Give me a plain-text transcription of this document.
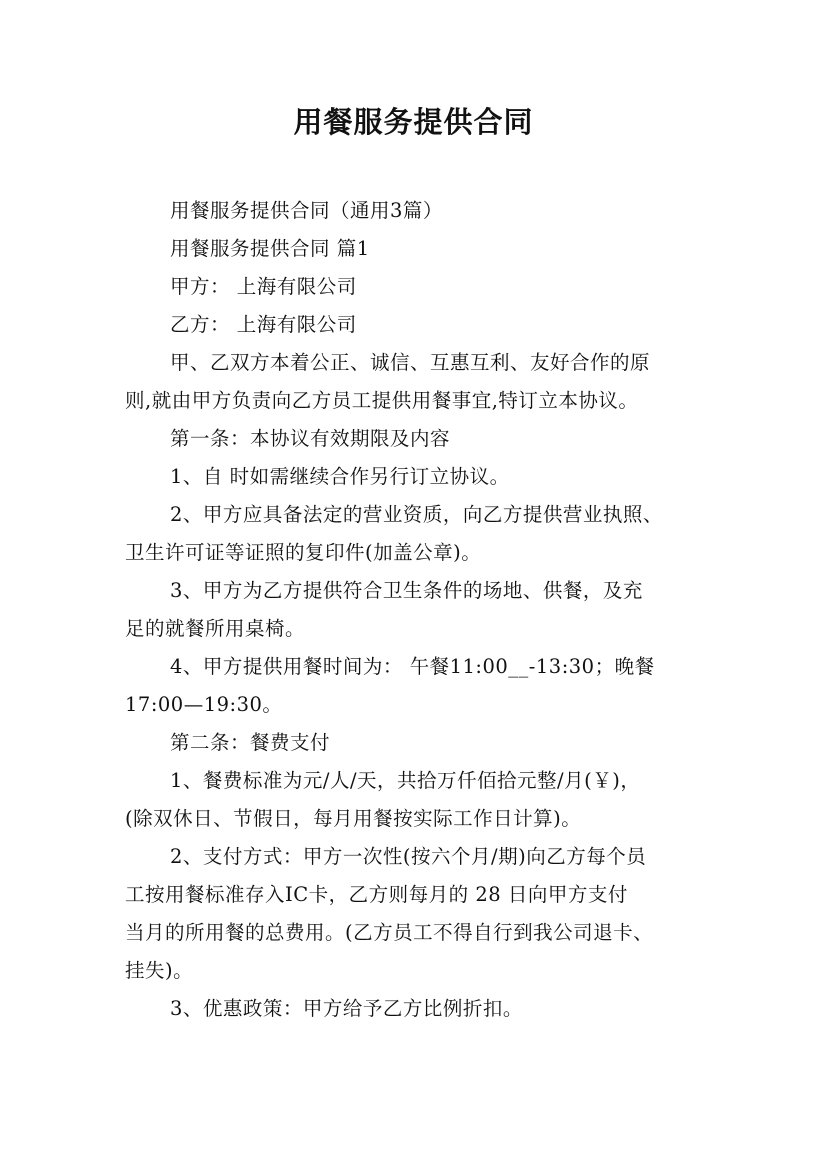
用餐服务提供合同
用餐服务提供合同（通用3篇）
用餐服务提供合同 篇1
甲方： 上海有限公司
乙方： 上海有限公司
甲、乙双方本着公正、诚信、互惠互利、友好合作的原
则,就由甲方负责向乙方员工提供用餐事宜,特订立本协议。
第一条：本协议有效期限及内容
1、自 时如需继续合作另行订立协议。
2、甲方应具备法定的营业资质，向乙方提供营业执照、
卫生许可证等证照的复印件(加盖公章)。
3、甲方为乙方提供符合卫生条件的场地、供餐，及充
足的就餐所用桌椅。
4、甲方提供用餐时间为： 午餐11:00__-13:30；晚餐
17:00—19:30。
第二条：餐费支付
1、餐费标准为元/人/天，共拾万仟佰拾元整/月(￥)，
(除双休日、节假日，每月用餐按实际工作日计算)。
2、支付方式：甲方一次性(按六个月/期)向乙方每个员
工按用餐标准存入IC卡，乙方则每月的 28 日向甲方支付
当月的所用餐的总费用。(乙方员工不得自行到我公司退卡、
挂失)。
3、优惠政策：甲方给予乙方比例折扣。
